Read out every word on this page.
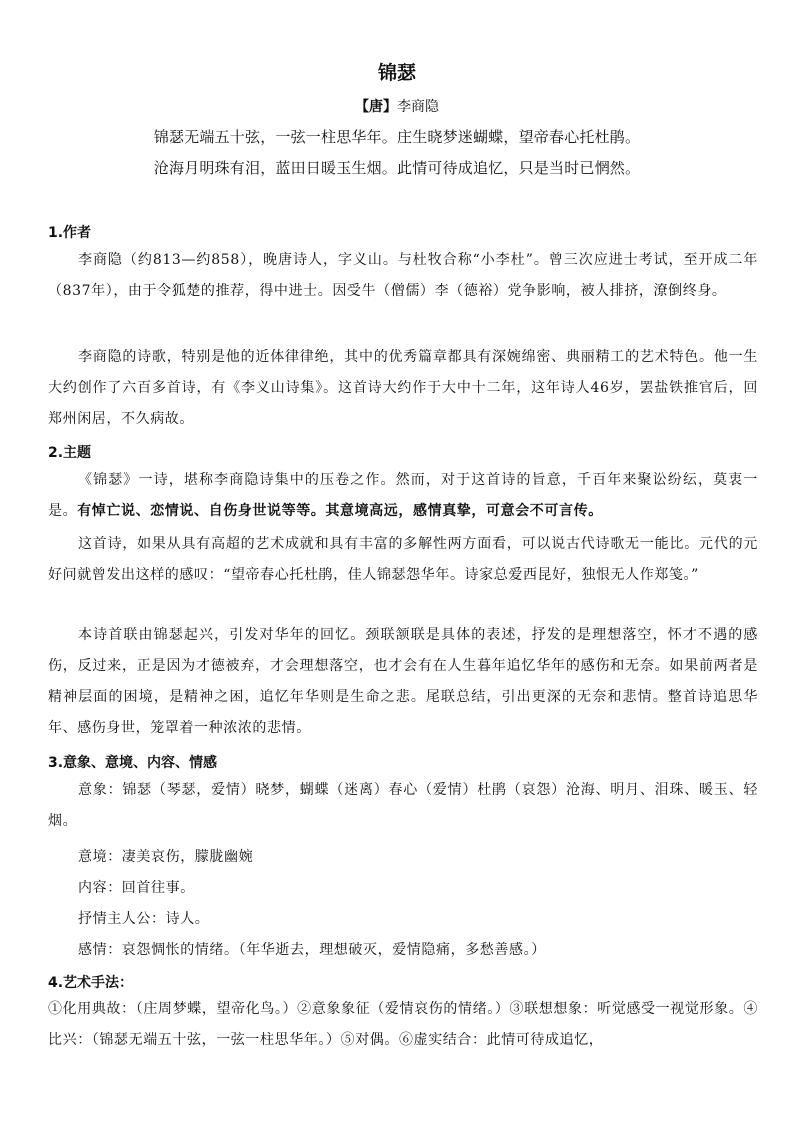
锦瑟
【唐】李商隐
锦瑟无端五十弦，一弦一柱思华年。庄生晓梦迷蝴蝶，望帝春心托杜鹃。
沧海月明珠有泪，蓝田日暖玉生烟。此情可待成追忆，只是当时已惘然。
1.作者
李商隐（约813—约858），晚唐诗人，字义山。与杜牧合称“小李杜”。曾三次应进士考试，至开成二年（837年），由于令狐楚的推荐，得中进士。因受牛（僧儒）李（德裕）党争影响，被人排挤，潦倒终身。
李商隐的诗歌，特别是他的近体律律绝，其中的优秀篇章都具有深婉绵密、典丽精工的艺术特色。他一生大约创作了六百多首诗，有《李义山诗集》。这首诗大约作于大中十二年，这年诗人46岁，罢盐铁推官后，回郑州闲居，不久病故。
2.主题
《锦瑟》一诗，堪称李商隐诗集中的压卷之作。然而，对于这首诗的旨意，千百年来聚讼纷纭，莫衷一是。有悼亡说、恋情说、自伤身世说等等。其意境高远，感情真挚，可意会不可言传。
这首诗，如果从具有高超的艺术成就和具有丰富的多解性两方面看，可以说古代诗歌无一能比。元代的元好问就曾发出这样的感叹：“望帝春心托杜鹃，佳人锦瑟怨华年。诗家总爱西昆好，独恨无人作郑笺。”
本诗首联由锦瑟起兴，引发对华年的回忆。颈联颔联是具体的表述，抒发的是理想落空，怀才不遇的感伤，反过来，正是因为才德被弃，才会理想落空，也才会有在人生暮年追忆华年的感伤和无奈。如果前两者是精神层面的困境，是精神之困，追忆年华则是生命之悲。尾联总结，引出更深的无奈和悲情。整首诗追思华年、感伤身世，笼罩着一种浓浓的悲情。
3.意象、意境、内容、情感
意象：锦瑟（琴瑟，爱情）晓梦，蝴蝶（迷离）春心（爱情）杜鹃（哀怨）沧海、明月、泪珠、暖玉、轻烟。
意境：凄美哀伤，朦胧幽婉
内容：回首往事。
抒情主人公：诗人。
感情：哀怨惆怅的情绪。（年华逝去，理想破灭，爱情隐痛，多愁善感。）
4.艺术手法：
①化用典故：（庄周梦蝶，望帝化鸟。）②意象象征（爱情哀伤的情绪。）③联想想象：听觉感受一视觉形象。④比兴：（锦瑟无端五十弦，一弦一柱思华年。）⑤对偶。⑥虚实结合：此情可待成追忆，
